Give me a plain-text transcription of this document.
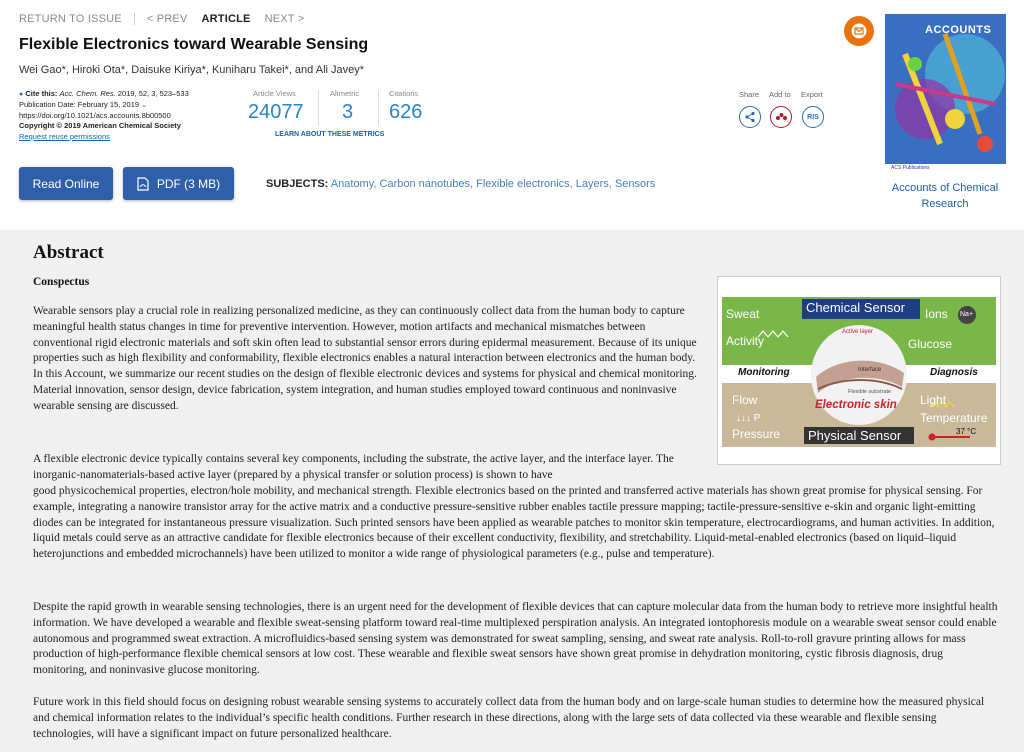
RETURN TO ISSUE < PREV ARTICLE NEXT >
Flexible Electronics toward Wearable Sensing
Wei Gao*, Hiroki Ota*, Daisuke Kiriya*, Kuniharu Takei*, and Ali Javey*
● Cite this: Acc. Chem. Res. 2019, 52, 3, 523–533
Publication Date: February 15, 2019 ⌄
https://doi.org/10.1021/acs.accounts.8b00500
Copyright © 2019 American Chemical Society
Request reuse permissions
Article Views
24077
Altmetric
3
Citations
626
LEARN ABOUT THESE METRICS
Share Add to Export
RIS
Read Online	PDF (3 MB)	SUBJECTS: Anatomy, Carbon nanotubes, Flexible electronics, Layers, Sensors
ACCOUNTS
ACS Publications
Accounts of Chemical Research
Abstract
Conspectus

Wearable sensors play a crucial role in realizing personalized medicine, as they can continuously collect data from the human body to capture meaningful health status changes in time for preventive intervention. However, motion artifacts and mechanical mismatches between conventional rigid electronic materials and soft skin often lead to substantial sensor errors during epidermal measurement. Because of its unique properties such as high flexibility and conformability, flexible electronics enables a natural interaction between electronics and the human body. In this Account, we summarize our recent studies on the design of flexible electronic devices and systems for physical and chemical monitoring. Material innovation, sensor design, device fabrication, system integration, and human studies employed toward continuous and noninvasive wearable sensing are discussed.

A flexible electronic device typically contains several key components, including the substrate, the active layer, and the interface layer. The inorganic-nanomaterials-based active layer (prepared by a physical transfer or solution process) is shown to have

good physicochemical properties, electron/hole mobility, and mechanical strength. Flexible electronics based on the printed and transferred active materials has shown great promise for physical sensing. For example, integrating a nanowire transistor array for the active matrix and a conductive pressure-sensitive rubber enables tactile pressure mapping; tactile-pressure-sensitive e-skin and organic light-emitting diodes can be integrated for instantaneous pressure visualization. Such printed sensors have been applied as wearable patches to monitor skin temperature, electrocardiograms, and human activities. In addition, liquid metals could serve as an attractive candidate for flexible electronics because of their excellent conductivity, flexibility, and stretchability. Liquid-metal-enabled electronics (based on liquid–liquid heterojunctions and embedded microchannels) have been utilized to monitor a wide range of physiological parameters (e.g., pulse and temperature).

Despite the rapid growth in wearable sensing technologies, there is an urgent need for the development of flexible devices that can capture molecular data from the human body to retrieve more insightful health information. We have developed a wearable and flexible sweat-sensing platform toward real-time multiplexed perspiration analysis. An integrated iontophoresis module on a wearable sweat sensor could enable autonomous and programmed sweat extraction. A microfluidics-based sensing system was demonstrated for sweat sampling, sensing, and sweat rate analysis. Roll-to-roll gravure printing allows for mass production of high-performance flexible chemical sensors at low cost. These wearable and flexible sweat sensors have shown great promise in dehydration monitoring, cystic fibrosis diagnosis, drug monitoring, and noninvasive glucose monitoring.

Future work in this field should focus on designing robust wearable sensing systems to accurately collect data from the human body and on large-scale human studies to determine how the measured physical and chemical information relates to the individual’s specific health conditions. Further research in these directions, along with the large sets of data collected via these wearable and flexible sensing technologies, will have a significant impact on future personalized healthcare.

Chemical Sensor
Physical Sensor
Sweat	Ions Na+
Activity	Glucose
Monitoring	Diagnosis
Flow	Light
↓↓↓ P
Pressure
Temperature
37 °C
Electronic skin
Active layer
Interface
Flexible substrate
